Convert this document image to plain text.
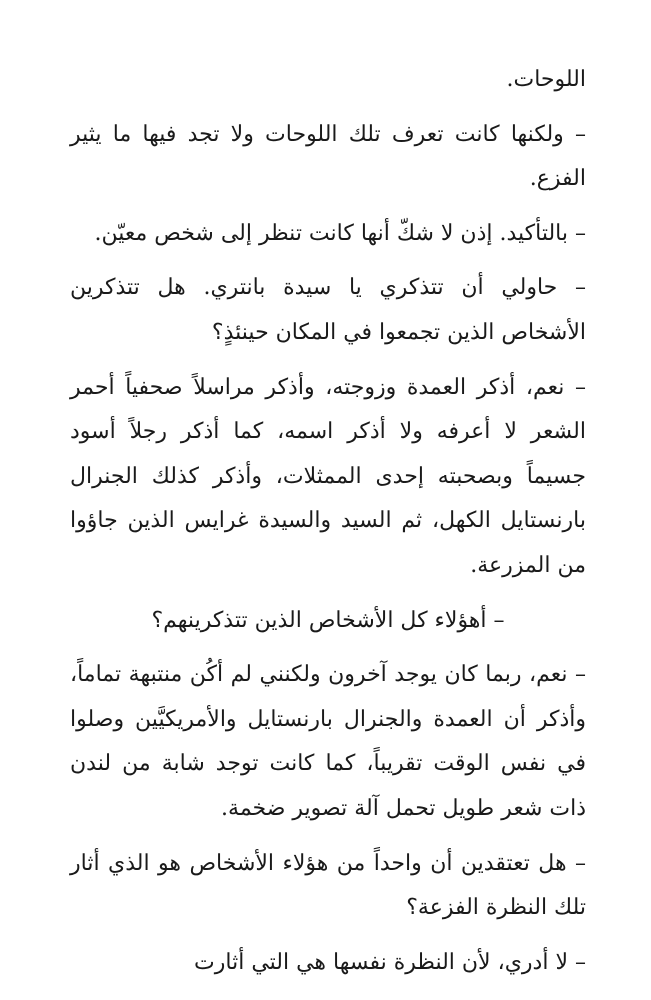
اللوحات.

– ولكنها كانت تعرف تلك اللوحات ولا تجد فيها ما يثير الفزع.

– بالتأكيد. إذن لا شكّ أنها كانت تنظر إلى شخص معيّن.

– حاولي أن تتذكري يا سيدة بانتري. هل تتذكرين الأشخاص الذين تجمعوا في المكان حينئذٍ؟

– نعم، أذكر العمدة وزوجته، وأذكر مراسلاً صحفياً أحمر الشعر لا أعرفه ولا أذكر اسمه، كما أذكر رجلاً أسود جسيماً وبصحبته إحدى الممثلات، وأذكر كذلك الجنرال بارنستايل الكهل، ثم السيد والسيدة غرايس الذين جاؤوا من المزرعة.

– أهؤلاء كل الأشخاص الذين تتذكرينهم؟

– نعم، ربما كان يوجد آخرون ولكنني لم أكُن منتبهة تماماً، وأذكر أن العمدة والجنرال بارنستايل والأمريكيَّين وصلوا في نفس الوقت تقريباً، كما كانت توجد شابة من لندن ذات شعر طويل تحمل آلة تصوير ضخمة.

– هل تعتقدين أن واحداً من هؤلاء الأشخاص هو الذي أثار تلك النظرة الفزعة؟

– لا أدري، لأن النظرة نفسها هي التي أثارت
